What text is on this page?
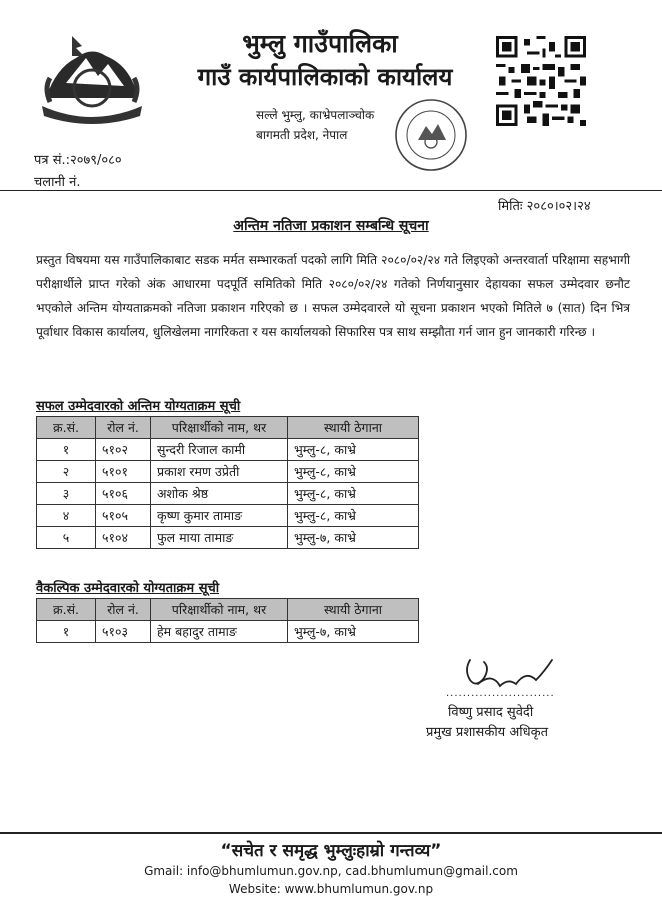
भुम्लु गाउँपालिका
गाउँ कार्यपालिकाको कार्यालय
सल्ले भुम्लु, काभ्रेपलाञ्चोक
बागमती प्रदेश, नेपाल
पत्र सं.:२०७९/०८०
चलानी नं.
मितिः २०८०।०२।२४
अन्तिम नतिजा प्रकाशन सम्बन्धि सूचना
प्रस्तुत विषयमा यस गाउँपालिकाबाट सडक मर्मत सम्भारकर्ता पदको लागि मिति २०८०/०२/२४ गते लिइएको अन्तरवार्ता परिक्षामा सहभागी परीक्षार्थीले प्राप्त गरेको अंक आधारमा पदपूर्ति समितिको मिति २०८०/०२/२४ गतेको निर्णयानुसार देहायका सफल उम्मेदवार छनौट भएकोले अन्तिम योग्यताक्रमको नतिजा प्रकाशन गरिएको छ । सफल उम्मेदवारले यो सूचना प्रकाशन भएको मितिले ७ (सात) दिन भित्र पूर्वाधार विकास कार्यालय, धुलिखेलमा नागरिकता र यस कार्यालयको सिफारिस पत्र साथ सम्झौता गर्न जान हुन जानकारी गरिन्छ ।
सफल उम्मेदवारको अन्तिम योग्यताक्रम सूची
क्र.सं.	रोल नं.	परिक्षार्थीको नाम, थर	स्थायी ठेगाना
१	५१०२	सुन्दरी रिजाल कामी	भुम्लु-८, काभ्रे
२	५१०१	प्रकाश रमण उप्रेती	भुम्लु-८, काभ्रे
३	५१०६	अशोक श्रेष्ठ	भुम्लु-८, काभ्रे
४	५१०५	कृष्ण कुमार तामाङ	भुम्लु-८, काभ्रे
५	५१०४	फुल माया तामाङ	भुम्लु-७, काभ्रे
वैकल्पिक उम्मेदवारको योग्यताक्रम सूची
क्र.सं.	रोल नं.	परिक्षार्थीको नाम, थर	स्थायी ठेगाना
१	५१०३	हेम बहादुर तामाङ	भुम्लु-७, काभ्रे
..........................
विष्णु प्रसाद सुवेदी
प्रमुख प्रशासकीय अधिकृत
“सचेत र समृद्ध भुम्लुःहाम्रो गन्तव्य”
Gmail: info@bhumlumun.gov.np, cad.bhumlumun@gmail.com
Website: www.bhumlumun.gov.np
